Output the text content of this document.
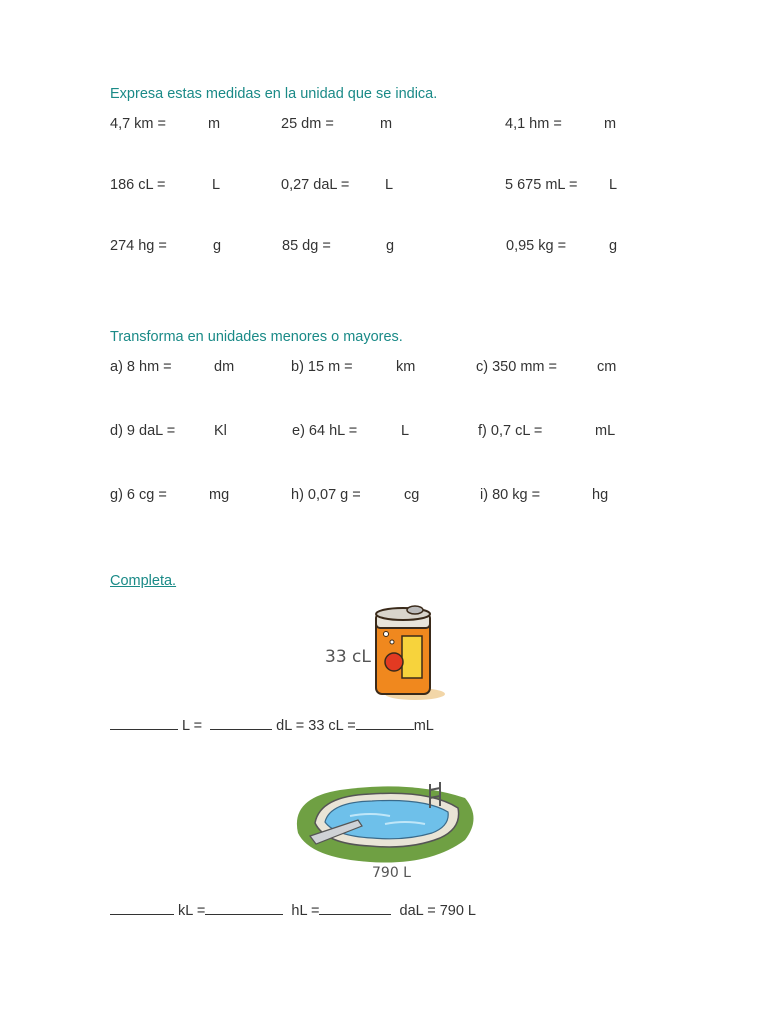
Expresa estas medidas en la unidad que se indica.
4,7 km =	m	25 dm =	m	4,1 hm =	m
186 cL =	L	0,27 daL = L	5 675 mL = L
274 hg =	g	85 dg =	g	0,95 kg =	g
Transforma en unidades menores o mayores.
a) 8 hm =	dm	b) 15 m =	km	c) 350 mm =	cm
d) 9 daL =	Kl	e) 64 hL =	L	f) 0,7 cL =	mL
g) 6 cg =	mg	h) 0,07 g =	cg	i) 80 kg =	hg
Completa.
33 cL
L =	dL = 33 cL =	mL
790 L
kL =	hL =	daL = 790 L
